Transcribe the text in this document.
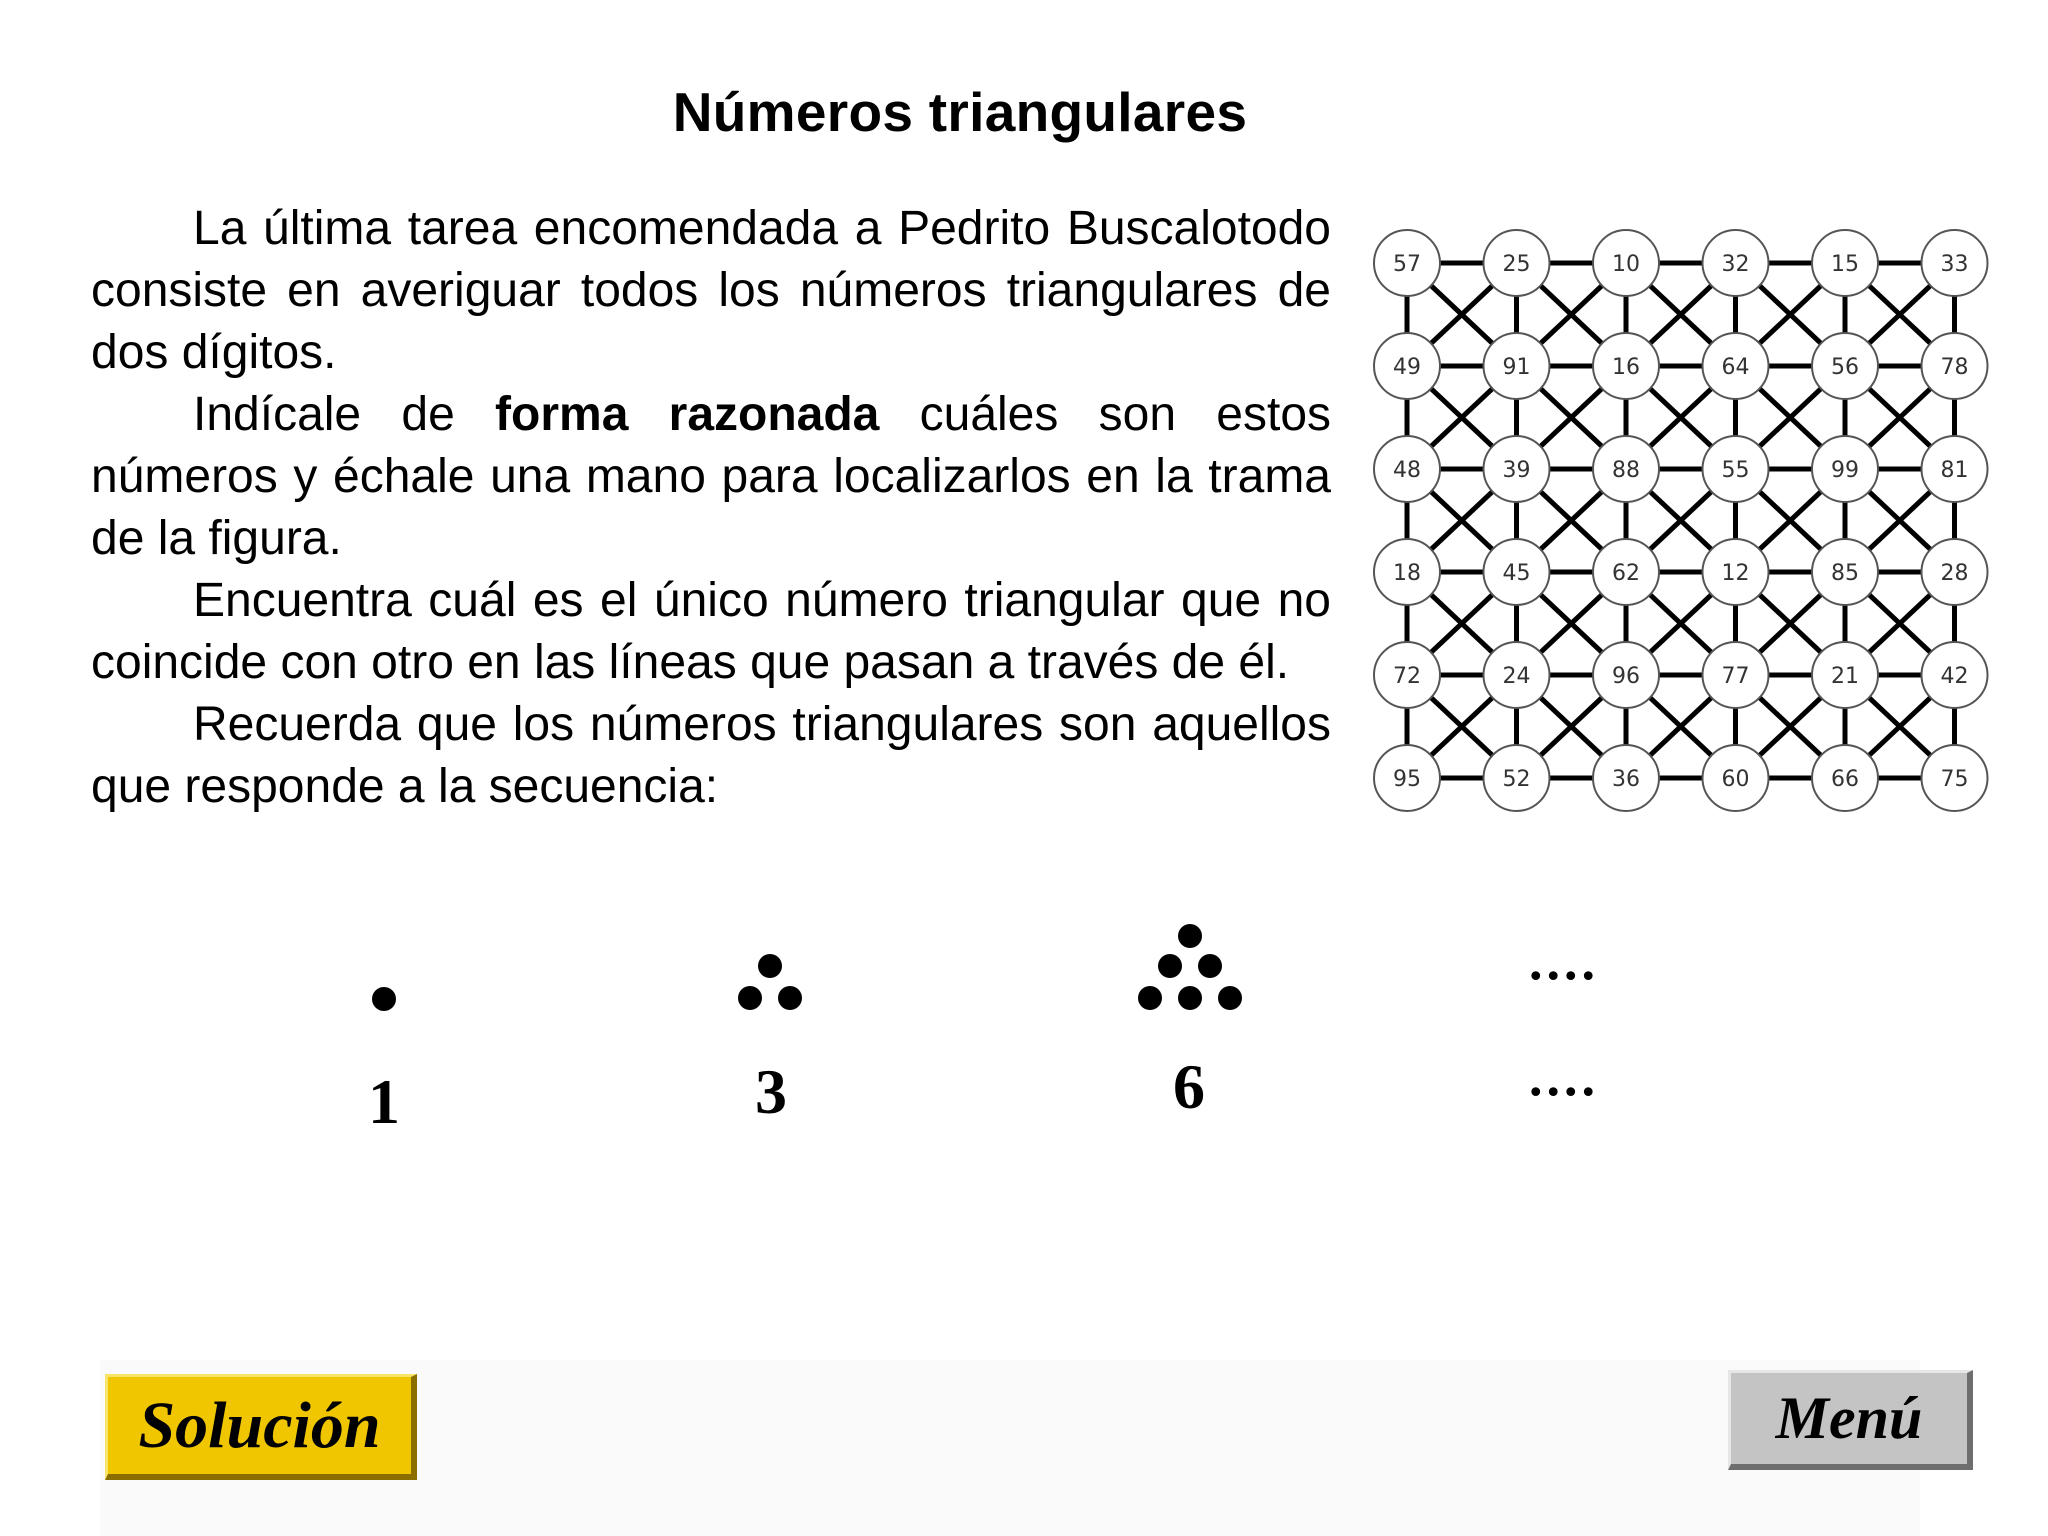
Números triangulares

La última tarea encomendada a Pedrito Buscalotodo consiste en averiguar todos los números triangulares de dos dígitos.

Indícale de forma razonada cuáles son estos números y échale una mano para localizarlos en la trama de la figura.

Encuentra cuál es el único número triangular que no coincide con otro en las líneas que pasan a través de él.

Recuerda que los números triangulares son aquellos que responde a la secuencia:

57	25	10	32	15	33
49	91	16	64	56	78
48	39	88	55	99	81
18	45	62	12	85	28
72	24	96	77	21	42
95	52	36	60	66	75
1	3	6
....
....
Solución	Menú
